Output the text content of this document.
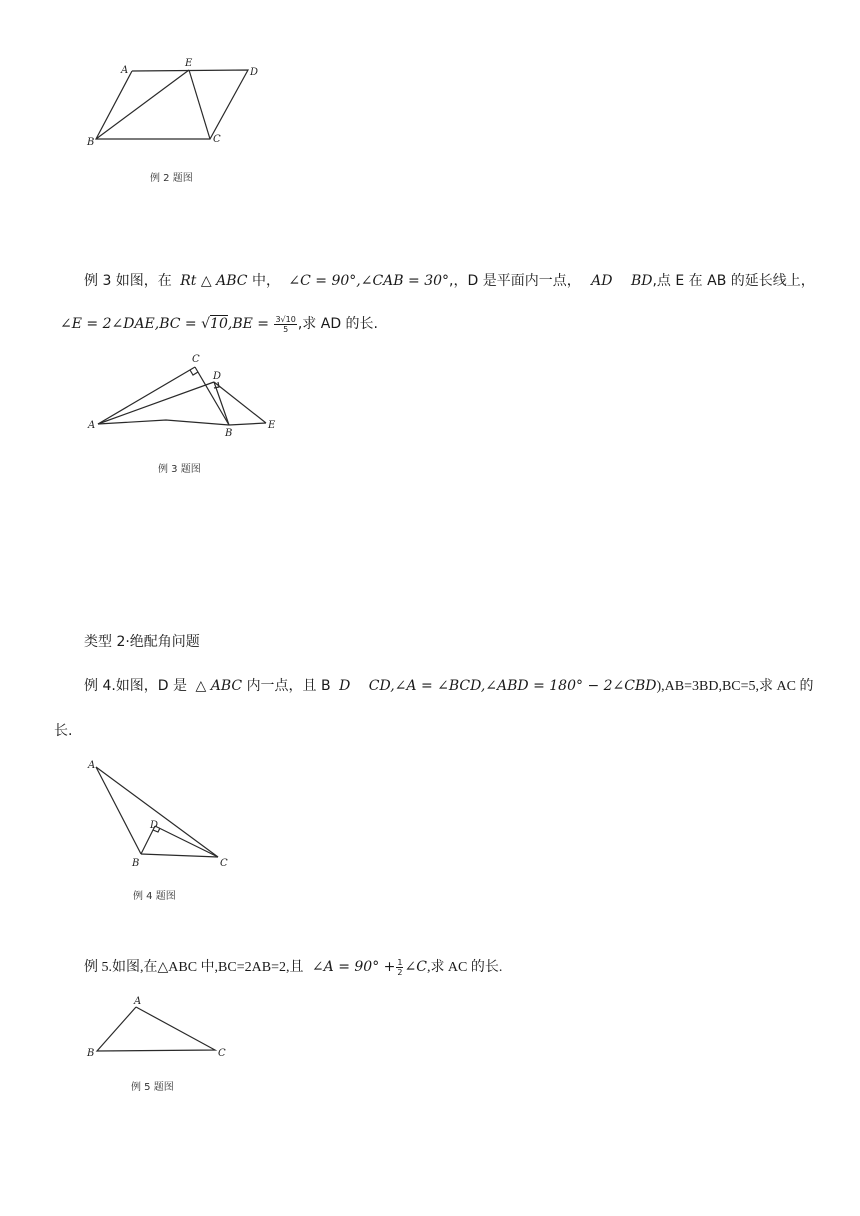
A
E
D
B	C
例 2 题图
例 3 如图，在 Rt △ ABC 中， ∠C = 90°,∠CAB = 30°,，D 是平面内一点， AD BD,点 E 在 AB 的延长线上，
∠E = 2∠DAE,BC = $√10,BE = \frac{3√10}{5}$ ,求 AD 的长.
C
D
A
B
E
例 3 题图
类型 2·绝配角问题
例 4.如图，D 是 △ ABC 内一点，且 B D CD,∠A = ∠BCD,∠ABD = 180° − 2∠CBD),AB=3BD,BC=5,求 AC 的
长.
A
D
B	C
例 4 题图
例 5.如图,在△ABC 中,BC=2AB=2,且 ∠A = $90^\circ + \frac{1}{2}$ ∠C,求 AC 的长.
A
B	C
例 5 题图
